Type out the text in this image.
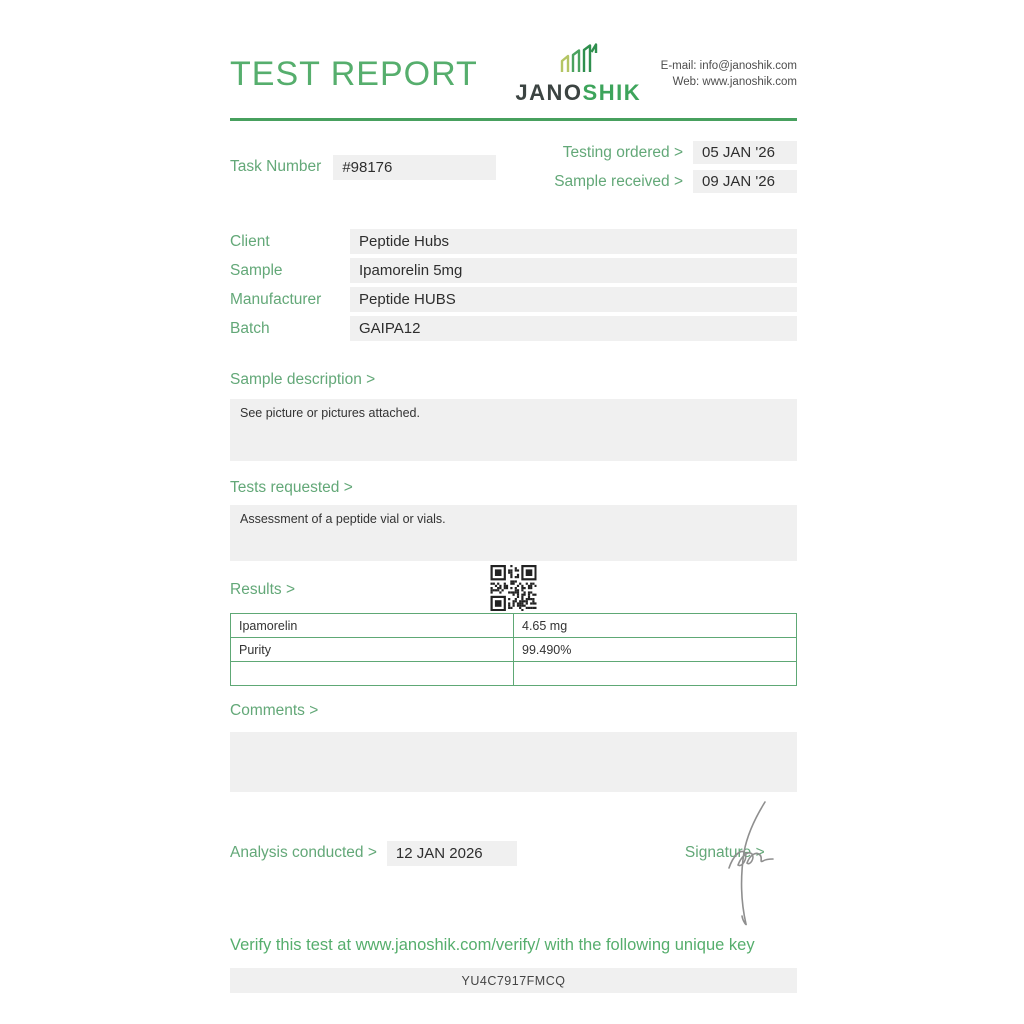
TEST REPORT JANOSHIK
E-mail: info@janoshik.com
Web: www.janoshik.com
Task Number	#98176
Testing ordered >	05 JAN '26
Sample received >	09 JAN '26
Client	Peptide Hubs
Sample	Ipamorelin 5mg
Manufacturer	Peptide HUBS
Batch	GAIPA12
Sample description >
See picture or pictures attached.
Tests requested >
Assessment of a peptide vial or vials.
Results >
Ipamorelin	4.65 mg
Purity	99.490%

Comments >
Analysis conducted >	12 JAN 2026	Signature >
Verify this test at www.janoshik.com/verify/ with the following unique key
YU4C7917FMCQ
